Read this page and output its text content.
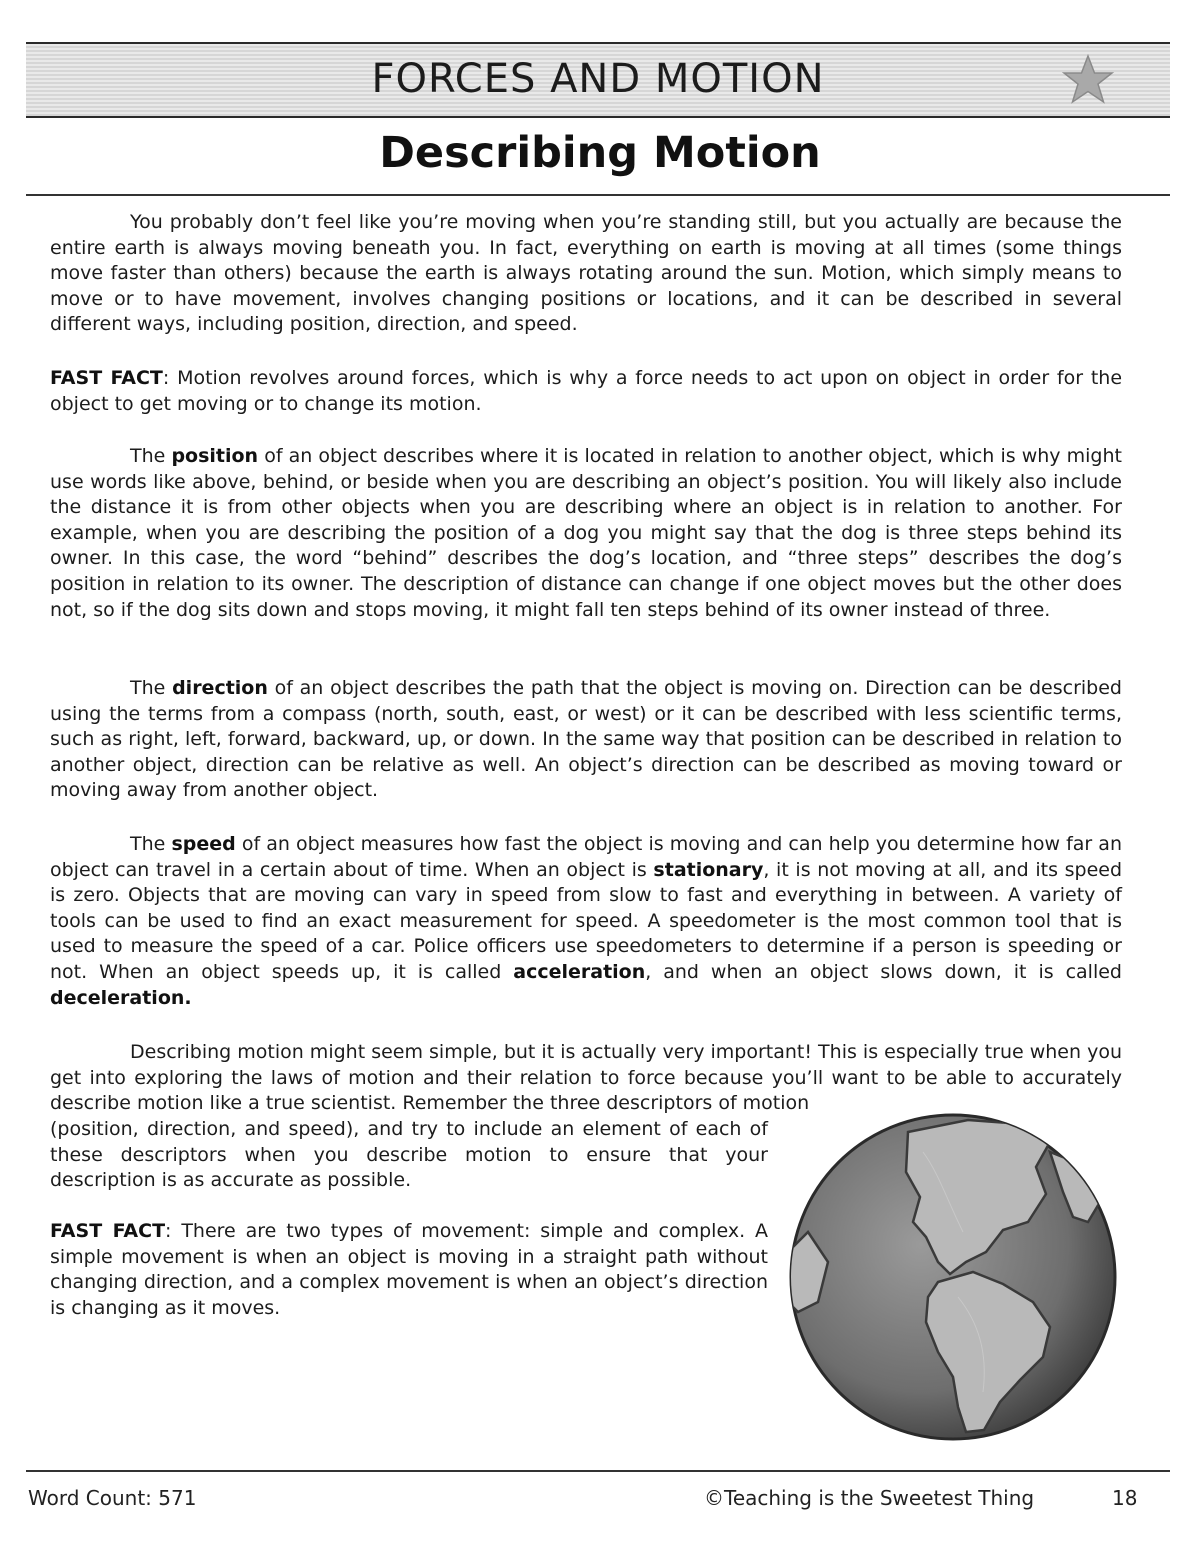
FORCES AND MOTION
Describing Motion

You probably don’t feel like you’re moving when you’re standing still, but you actually are because the entire earth is always moving beneath you. In fact, everything on earth is moving at all times (some things move faster than others) because the earth is always rotating around the sun. Motion, which simply means to move or to have movement, involves changing positions or locations, and it can be described in several different ways, including position, direction, and speed.

FAST FACT: Motion revolves around forces, which is why a force needs to act upon on object in order for the object to get moving or to change its motion.

The position of an object describes where it is located in relation to another object, which is why might use words like above, behind, or beside when you are describing an object’s position. You will likely also include the distance it is from other objects when you are describing where an object is in relation to another. For example, when you are describing the position of a dog you might say that the dog is three steps behind its owner. In this case, the word “behind” describes the dog’s location, and “three steps” describes the dog’s position in relation to its owner. The description of distance can change if one object moves but the other does not, so if the dog sits down and stops moving, it might fall ten steps behind of its owner instead of three.

The direction of an object describes the path that the object is moving on. Direction can be described using the terms from a compass (north, south, east, or west) or it can be described with less scientific terms, such as right, left, forward, backward, up, or down. In the same way that position can be described in relation to another object, direction can be relative as well. An object’s direction can be described as moving toward or moving away from another object.

The speed of an object measures how fast the object is moving and can help you determine how far an object can travel in a certain about of time. When an object is stationary, it is not moving at all, and its speed is zero. Objects that are moving can vary in speed from slow to fast and everything in between. A variety of tools can be used to find an exact measurement for speed. A speedometer is the most common tool that is used to measure the speed of a car. Police officers use speedometers to determine if a person is speeding or not. When an object speeds up, it is called acceleration, and when an object slows down, it is called deceleration.

Describing motion might seem simple, but it is actually very important! This is especially true when you get into exploring the laws of motion and their relation to force because you’ll want to be able to accurately describe motion like a true scientist. Remember the three descriptors of motion

(position, direction, and speed), and try to include an element of each of these descriptors when you describe motion to ensure that your description is as accurate as possible.

FAST FACT: There are two types of movement: simple and complex. A simple movement is when an object is moving in a straight path without changing direction, and a complex movement is when an object’s direction is changing as it moves.

Word Count: 571	©Teaching is the Sweetest Thing	18
